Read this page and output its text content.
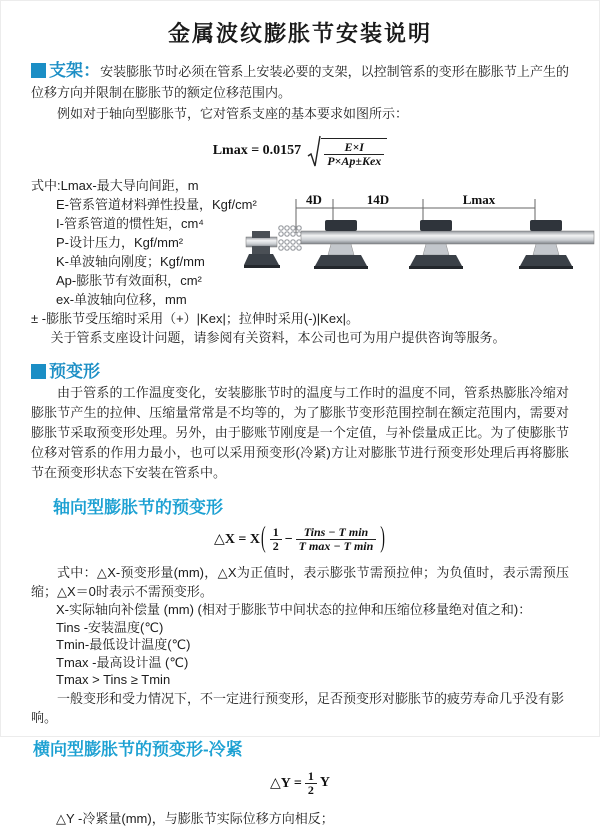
金属波纹膨胀节安装说明

支架：安装膨胀节时必须在管系上安装必要的支架，以控制管系的变形在膨胀节上产生的位移方向并限制在膨胀节的额定位移范围内。

例如对于轴向型膨胀节，它对管系支座的基本要求如图所示：

$Lmax = 0.0157 \frac{E\times I}{\text{P×Ap±Kex}}$
式中:Lmax-最大导向间距，m
E-管系管道材料弹性投量，Kgf/cm²
I-管系管道的惯性矩，cm⁴
P-设计压力，Kgf/mm²
K-单波轴向刚度；Kgf/mm
Ap-膨胀节有效面积，cm²
ex-单波轴向位移，mm
± -膨胀节受压缩时采用（+）|Kex|；拉伸时采用(-)|Kex|。
关于管系支座设计问题，请参阅有关资料，本公司也可为用户提供咨询等服务。

预变形

由于管系的工作温度变化，安装膨胀节时的温度与工作时的温度不同，管系热膨胀冷缩对膨胀节产生的拉伸、压缩量常常是不均等的，为了膨胀节变形范围控制在额定范围内，需要对膨胀节采取预变形处理。另外，由于膨账节刚度是一个定值，与补偿量成正比。为了使膨胀节位移对管系的作用力最小，也可以采用预变形(冷紧)方让对膨胀节进行预变形处理后再将膨胀节在预变形状态下安装在管系中。

轴向型膨胀节的预变形
△X = X ( $\frac{1}{2} - \frac{\text{Tins − T min}}{\text{T max − T min}}$ )

式中：△X-预变形量(mm)，△X为正值时，表示膨张节需预拉伸；为负值时，表示需预压缩；△X＝0时表示不需预变形。

X-实际轴向补偿量 (mm) (相对于膨胀节中间状态的拉伸和压缩位移量绝对值之和)：
Tins -安装温度(℃)
Tmin-最低设计温度(℃)
Tmax -最高设计温 (℃)
Tmax > Tins ≥ Tmin
一般变形和受力情况下，不一定进行预变形，足否预变形对膨胀节的疲劳寿命几乎没有影响。
横向型膨胀节的预变形-冷紧
△Y = $\frac{1}{2}$ Y
△Y -冷紧量(mm)，与膨胀节实际位移方向相反；
4D	14D	Lmax
